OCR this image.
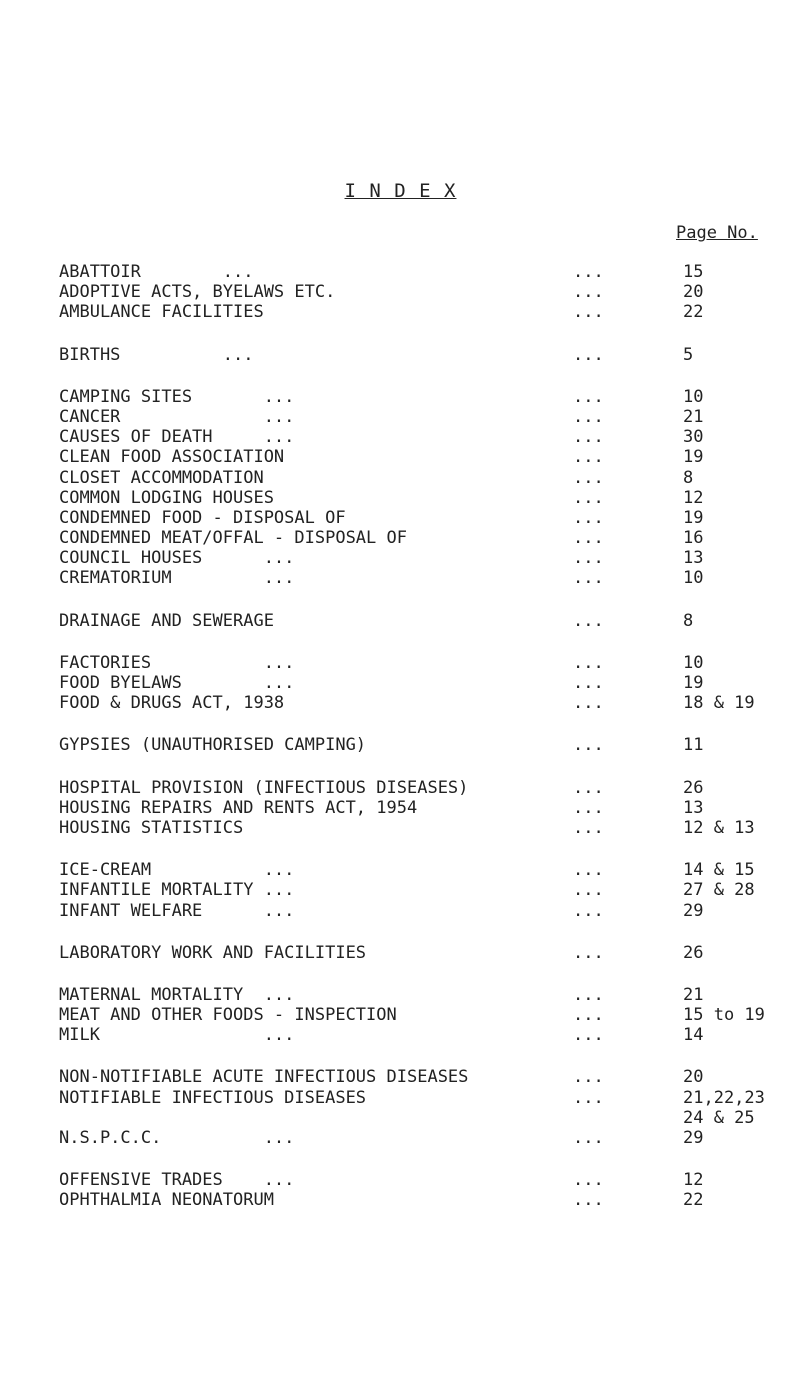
I N D E X
Page No.
ABATTOIR        ...	...	15
ADOPTIVE ACTS, BYELAWS ETC.	...	20
AMBULANCE FACILITIES	...	22
BIRTHS          ...	...	5
CAMPING SITES       ...	...	10
CANCER              ...	...	21
CAUSES OF DEATH     ...	...	30
CLEAN FOOD ASSOCIATION	...	19
CLOSET ACCOMMODATION	...	8
COMMON LODGING HOUSES	...	12
CONDEMNED FOOD - DISPOSAL OF	...	19
CONDEMNED MEAT/OFFAL - DISPOSAL OF	...	16
COUNCIL HOUSES      ...	...	13
CREMATORIUM         ...	...	10
DRAINAGE AND SEWERAGE	...	8
FACTORIES           ...	...	10
FOOD BYELAWS        ...	...	19
FOOD & DRUGS ACT, 1938	...	18 & 19
GYPSIES (UNAUTHORISED CAMPING)	...	11
HOSPITAL PROVISION (INFECTIOUS DISEASES)	...	26
HOUSING REPAIRS AND RENTS ACT, 1954	...	13
HOUSING STATISTICS	...	12 & 13
ICE-CREAM           ...	...	14 & 15
INFANTILE MORTALITY ...	...	27 & 28
INFANT WELFARE      ...	...	29
LABORATORY WORK AND FACILITIES	...	26
MATERNAL MORTALITY  ...	...	21
MEAT AND OTHER FOODS - INSPECTION	...	15 to 19
MILK                ...	...	14
NON-NOTIFIABLE ACUTE INFECTIOUS DISEASES	...	20
NOTIFIABLE INFECTIOUS DISEASES	...	21,22,23
24 & 25
N.S.P.C.C.          ...	...	29
OFFENSIVE TRADES    ...	...	12
OPHTHALMIA NEONATORUM	...	22
